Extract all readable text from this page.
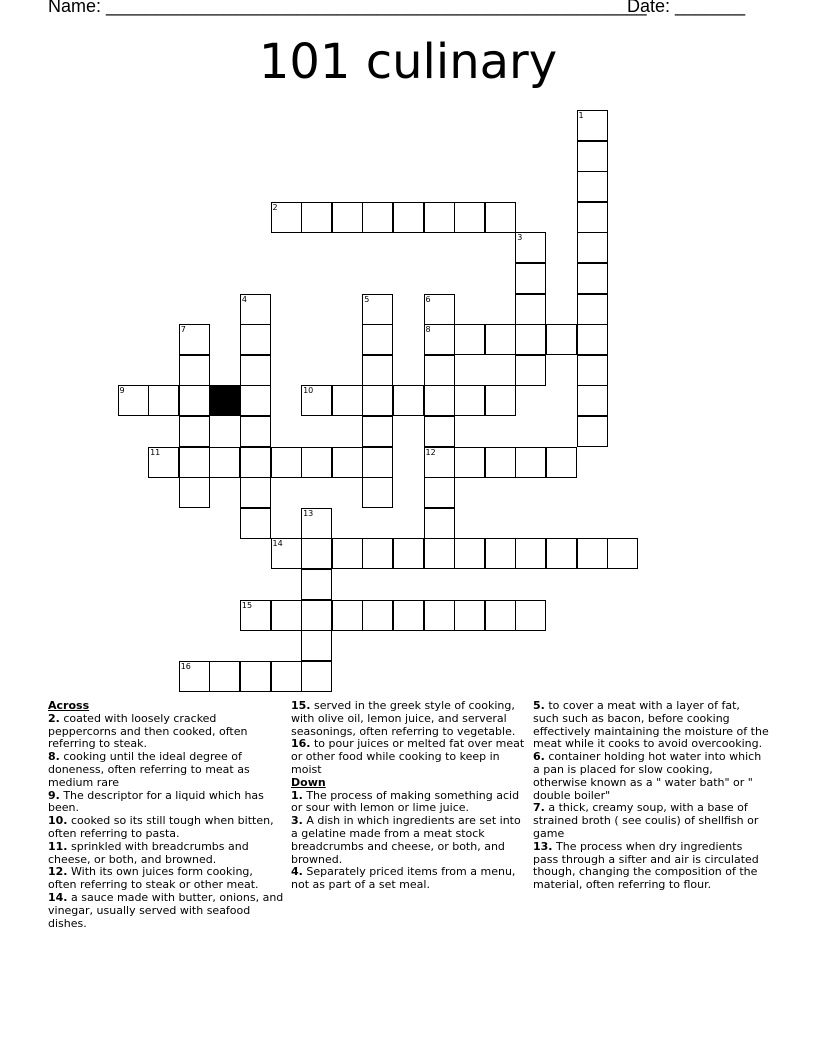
Name: ______________________________________________________
Date: _______
101 culinary
2
8
9	10
11	12
14
15
16
1
3
4	5	6
7
13
Across
2. coated with loosely cracked peppercorns and then cooked, often referring to steak.
8. cooking until the ideal degree of doneness, often referring to meat as medium rare
9. The descriptor for a liquid which has been.
10. cooked so its still tough when bitten, often referring to pasta.
11. sprinkled with breadcrumbs and cheese, or both, and browned.
12. With its own juices form cooking, often referring to steak or other meat.
14. a sauce made with butter, onions, and vinegar, usually served with seafood dishes.
15. served in the greek style of cooking, with olive oil, lemon juice, and serveral seasonings, often referring to vegetable.
16. to pour juices or melted fat over meat or other food while cooking to keep in moist
Down
1. The process of making something acid or sour with lemon or lime juice.
3. A dish in which ingredients are set into a gelatine made from a meat stock breadcrumbs and cheese, or both, and browned.
4. Separately priced items from a menu, not as part of a set meal.
5. to cover a meat with a layer of fat, such such as bacon, before cooking effectively maintaining the moisture of the meat while it cooks to avoid overcooking.
6. container holding hot water into which a pan is placed for slow cooking, otherwise known as a " water bath" or " double boiler"
7. a thick, creamy soup, with a base of strained broth ( see coulis) of shellfish or game
13. The process when dry ingredients pass through a sifter and air is circulated though, changing the composition of the material, often referring to flour.
